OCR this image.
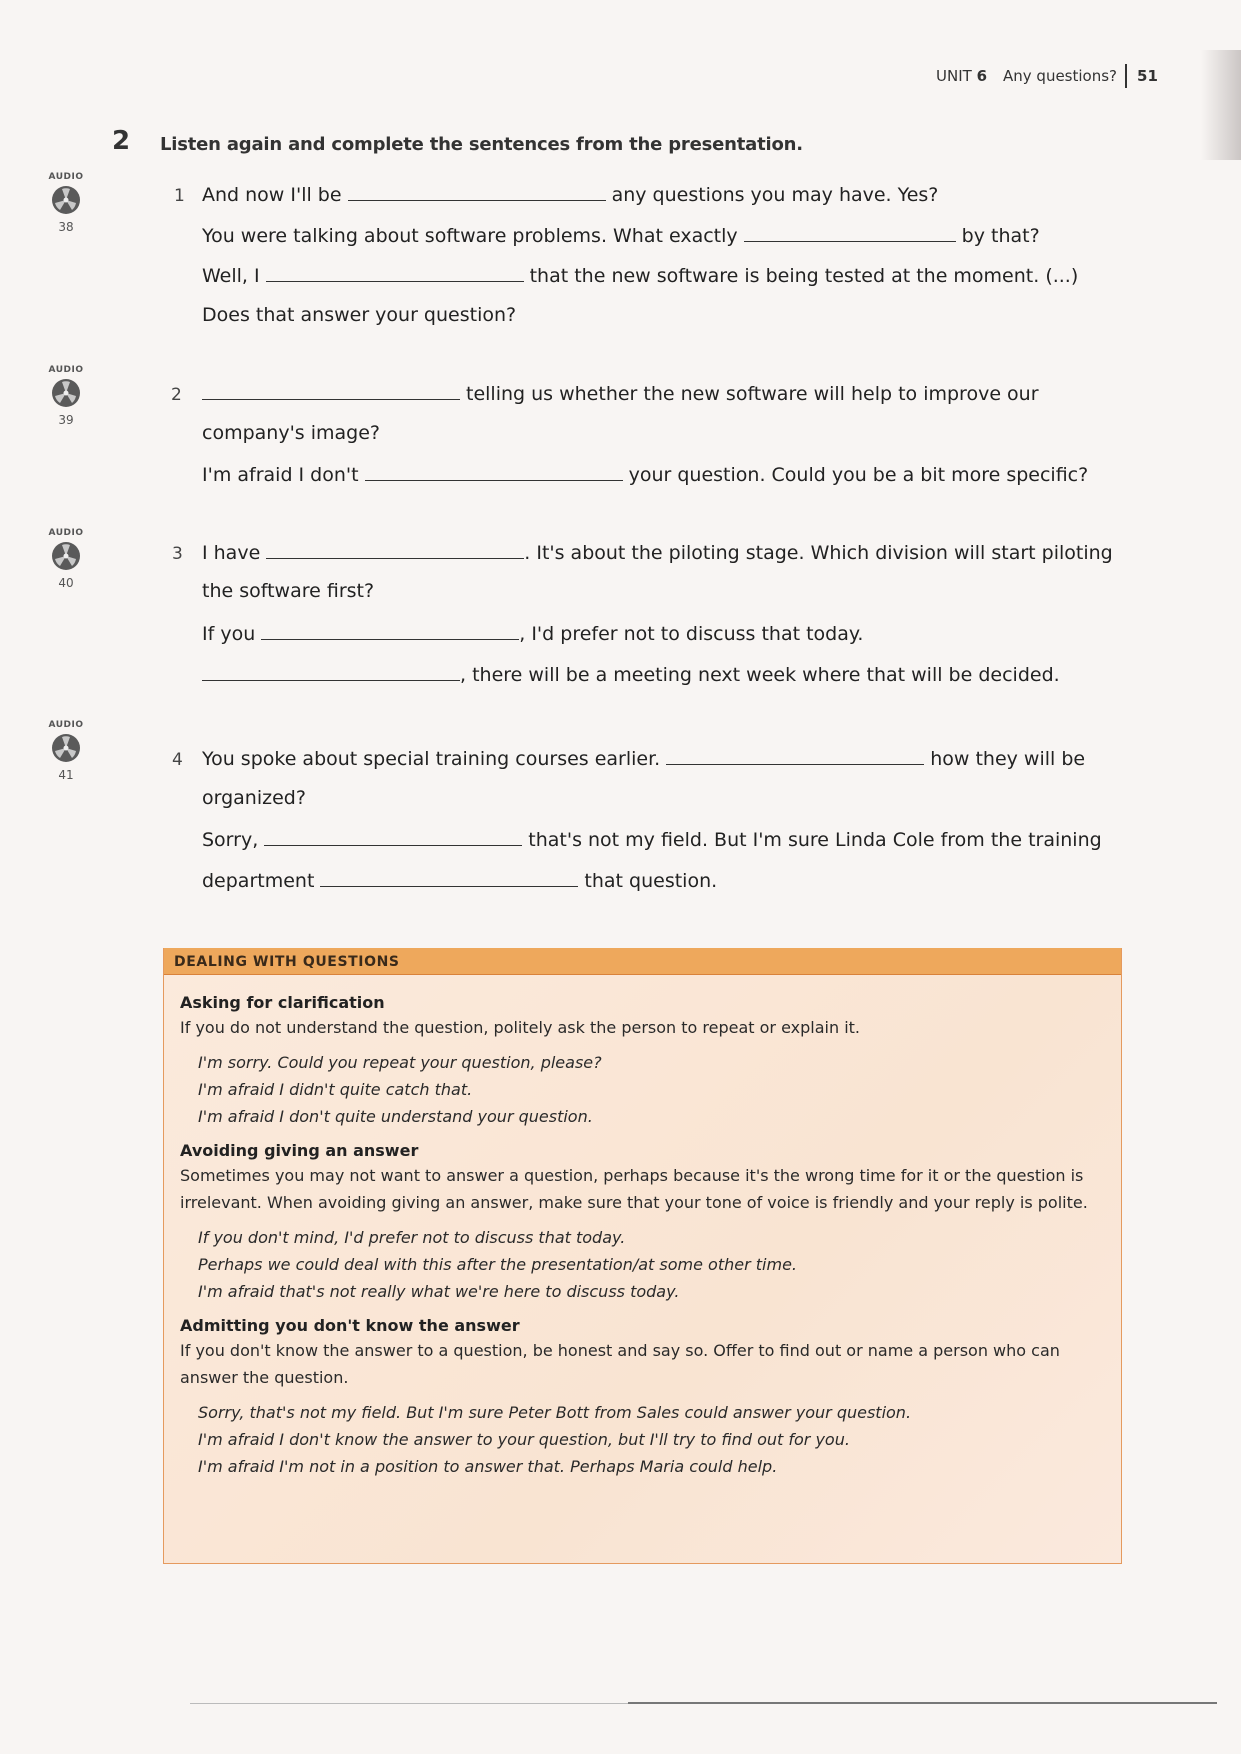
UNIT 6 Any questions? 51
2 Listen again and complete the sentences from the presentation.
AUDIO
38
AUDIO
39
AUDIO
40
AUDIO
41
1 And now I'll be	any questions you may have. Yes?
You were talking about software problems. What exactly	by that?
Well, I	that the new software is being tested at the moment. (...)
Does that answer your question?
2	telling us whether the new software will help to improve our
company's image?
I'm afraid I don't	your question. Could you be a bit more specific?
3 I have	. It's about the piloting stage. Which division will start piloting
the software first?
If you	, I'd prefer not to discuss that today.
, there will be a meeting next week where that will be decided.
4 You spoke about special training courses earlier.	how they will be
organized?
Sorry,	that's not my field. But I'm sure Linda Cole from the training
department	that question.
DEALING WITH QUESTIONS

Asking for clarification

If you do not understand the question, politely ask the person to repeat or explain it.

I'm sorry. Could you repeat your question, please?
I'm afraid I didn't quite catch that.
I'm afraid I don't quite understand your question.

Avoiding giving an answer

Sometimes you may not want to answer a question, perhaps because it's the wrong time for it or the question is irrelevant. When avoiding giving an answer, make sure that your tone of voice is friendly and your reply is polite.

If you don't mind, I'd prefer not to discuss that today.
Perhaps we could deal with this after the presentation/at some other time.
I'm afraid that's not really what we're here to discuss today.

Admitting you don't know the answer

If you don't know the answer to a question, be honest and say so. Offer to find out or name a person who can answer the question.

Sorry, that's not my field. But I'm sure Peter Bott from Sales could answer your question.
I'm afraid I don't know the answer to your question, but I'll try to find out for you.
I'm afraid I'm not in a position to answer that. Perhaps Maria could help.
